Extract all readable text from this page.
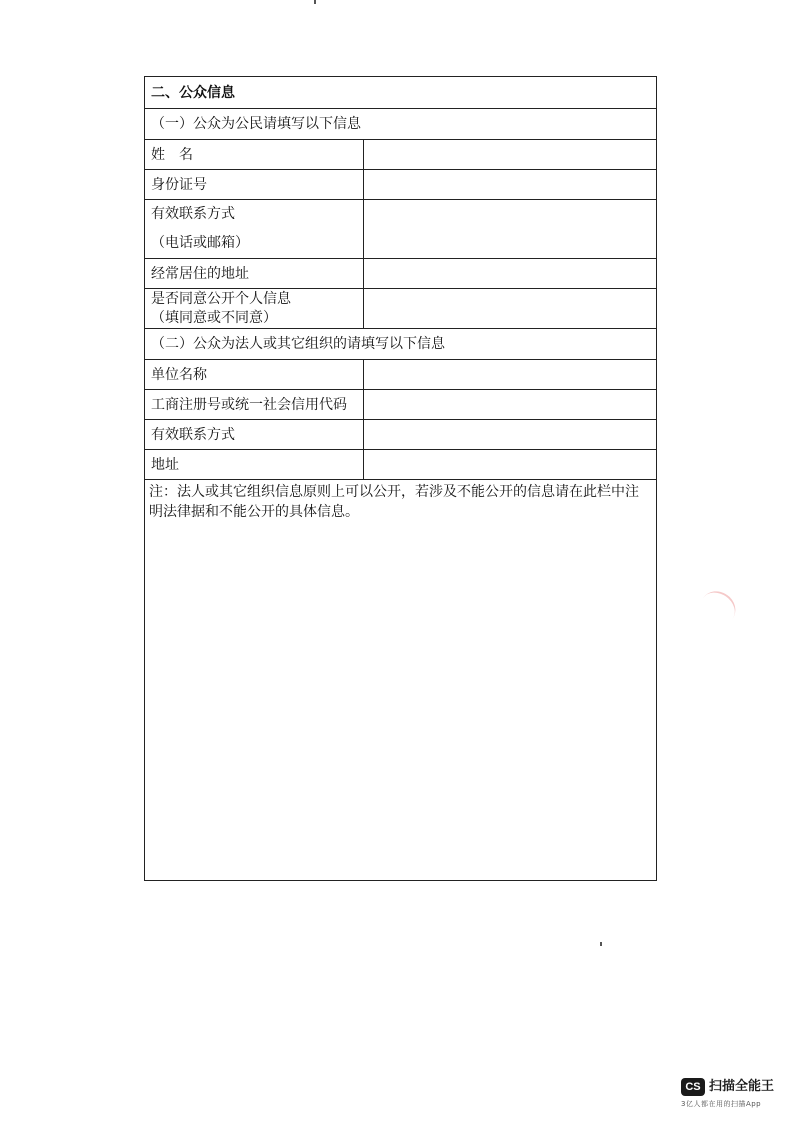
二、公众信息	
（一）公众为公民请填写以下信息	
姓　名	
身份证号	

有效联系方式
（电话或邮箱）	

经常居住的地址	

是否同意公开个人信息
（填同意或不同意）	

（二）公众为法人或其它组织的请填写以下信息	
单位名称	
工商注册号或统一社会信用代码	
有效联系方式	
地址	
注：法人或其它组织信息原则上可以公开，若涉及不能公开的信息请在此栏中注明法律据和不能公开的具体信息。	
CS 扫描全能王
3亿人都在用的扫描App
